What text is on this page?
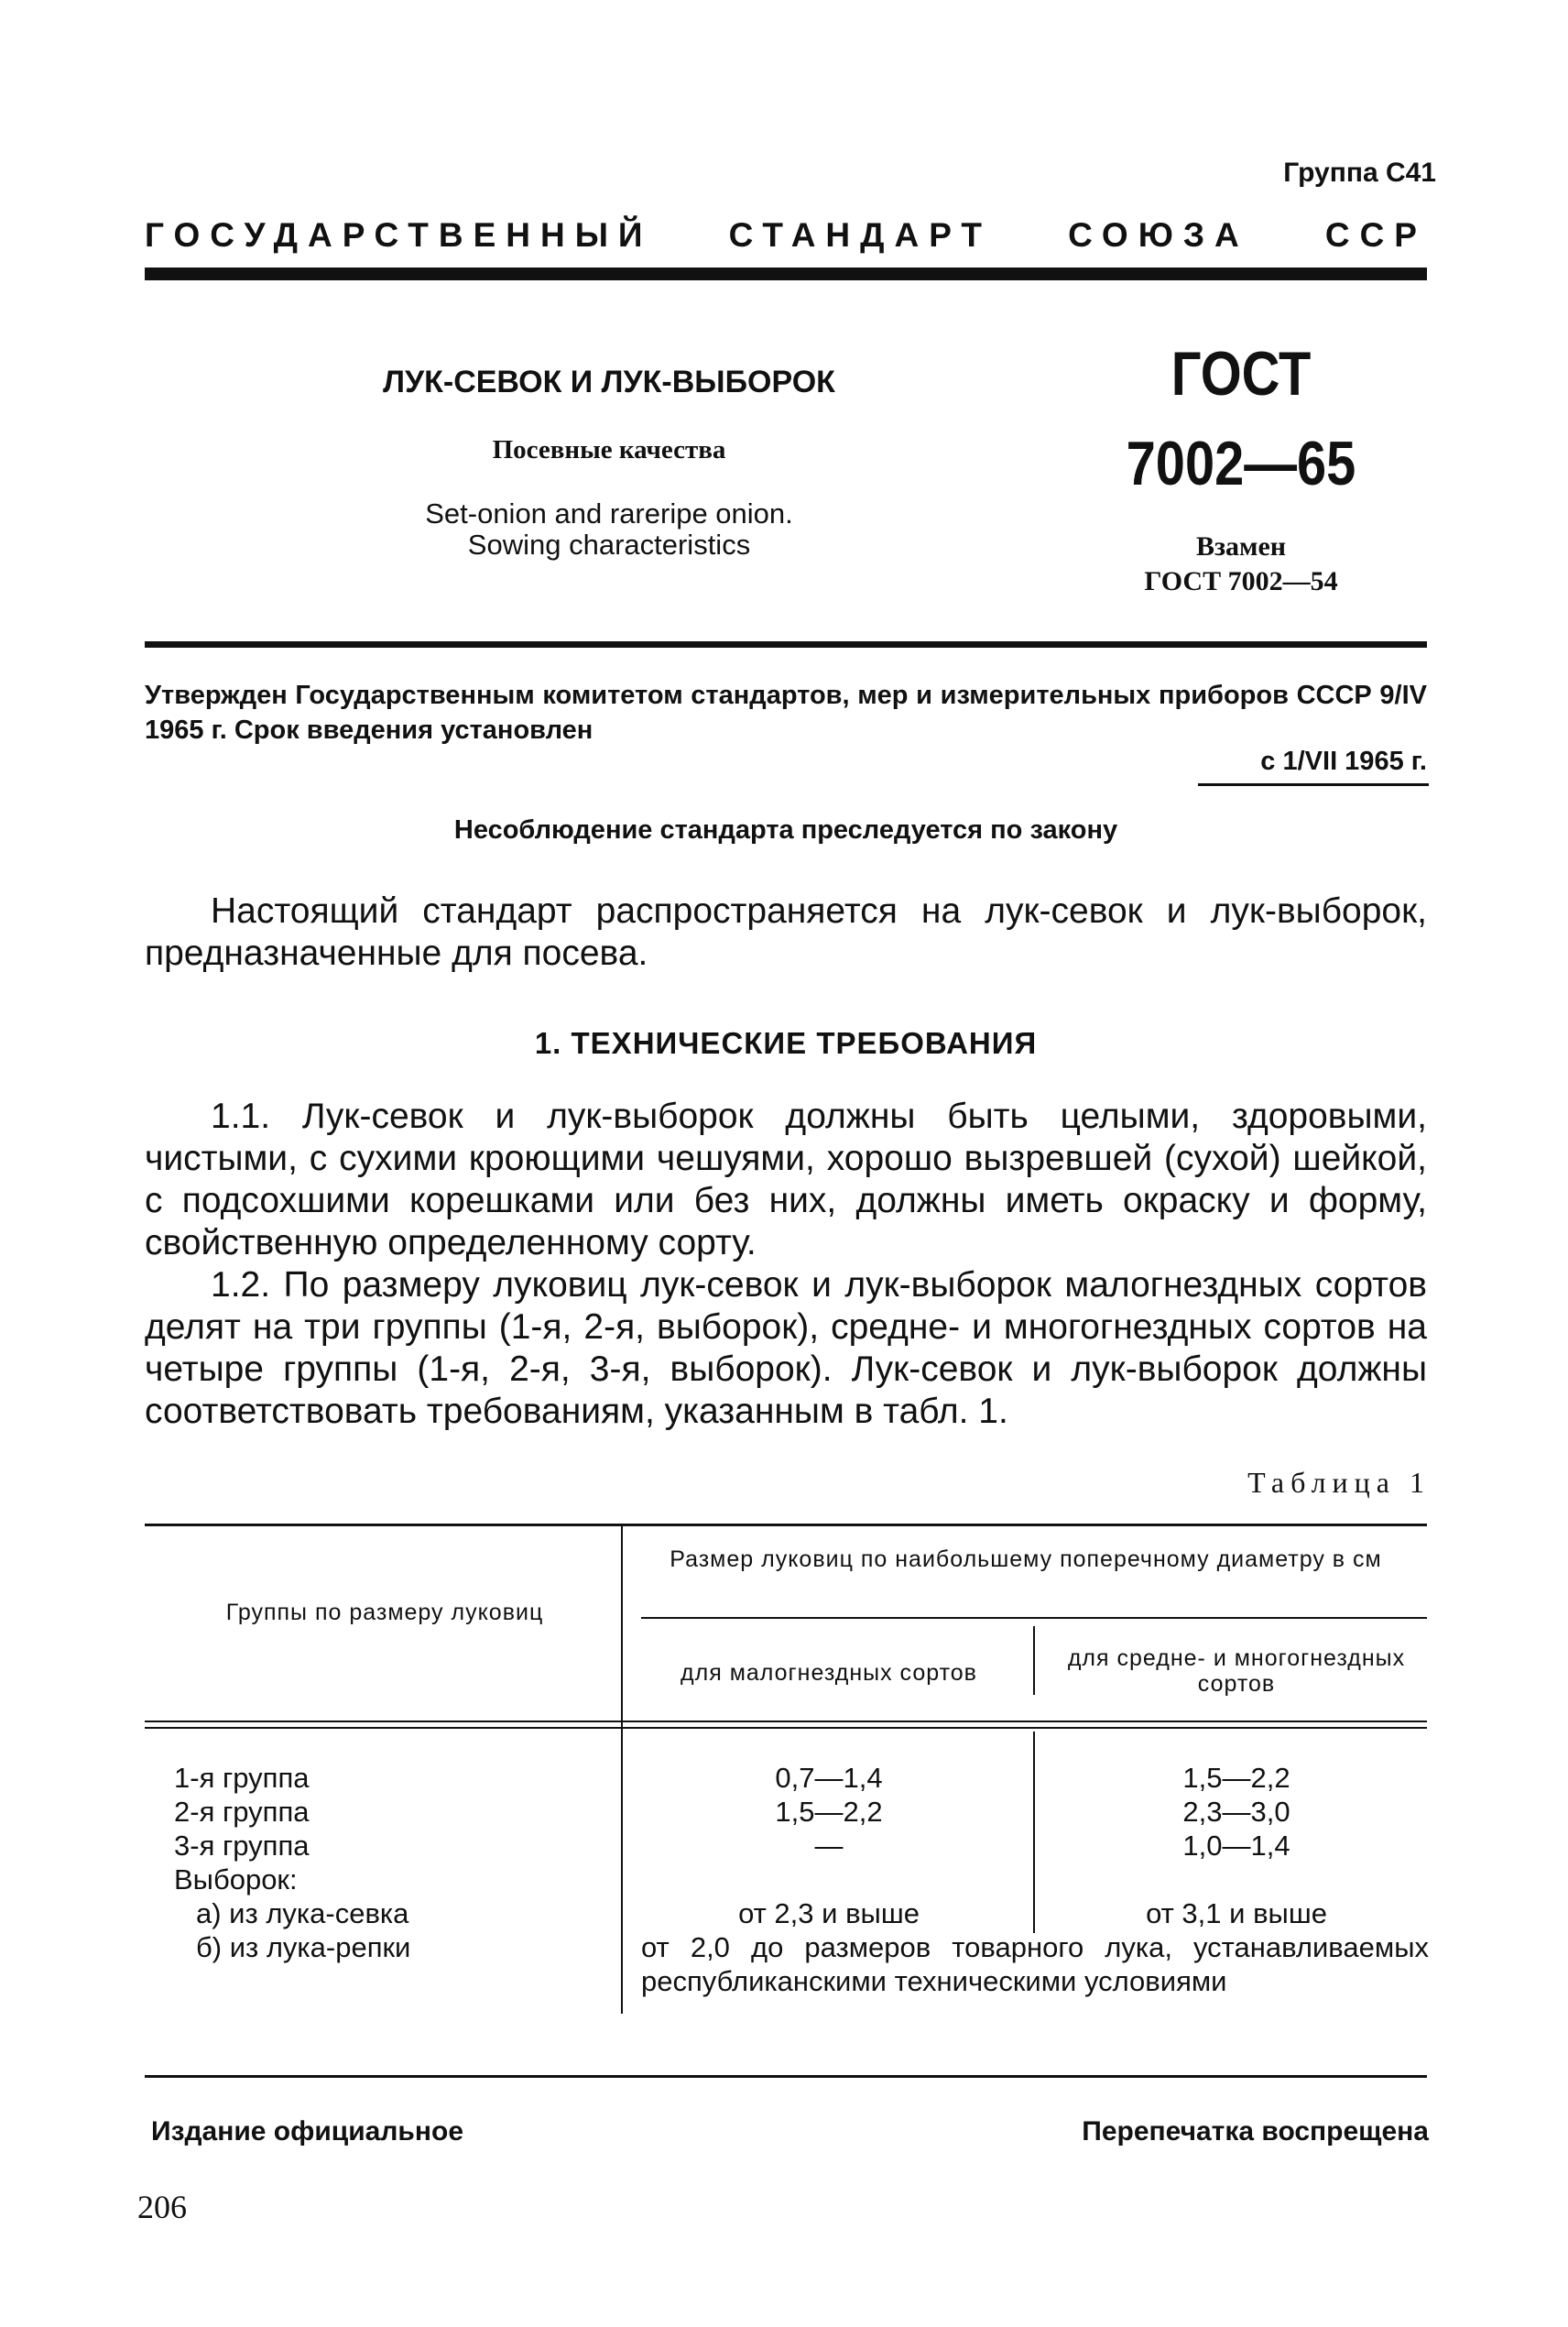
Группа С41
ГОСУДАРСТВЕННЫЙ СТАНДАРТ СОЮЗА ССР
ЛУК-СЕВОК И ЛУК-ВЫБОРОК
Посевные качества
Set-onion and rareripe onion.
Sowing characteristics
ГОСТ
7002—65
Взамен
ГОСТ 7002—54
Утвержден Государственным комитетом стандартов, мер и измерительных приборов СССР 9/IV 1965 г. Срок введения установлен
с 1/VII 1965 г.
Несоблюдение стандарта преследуется по закону

Настоящий стандарт распространяется на лук-севок и лук-выборок, предназначенные для посева.

1. ТЕХНИЧЕСКИЕ ТРЕБОВАНИЯ

1.1. Лук-севок и лук-выборок должны быть целыми, здоровыми, чистыми, с сухими кроющими чешуями, хорошо вызревшей (сухой) шейкой, с подсохшими корешками или без них, должны иметь окраску и форму, свойственную определенному сорту.

1.2. По размеру луковиц лук-севок и лук-выборок малогнездных сортов делят на три группы (1-я, 2-я, выборок), средне- и многогнездных сортов на четыре группы (1-я, 2-я, 3-я, выборок). Лук-севок и лук-выборок должны соответствовать требованиям, указанным в табл. 1.

Таблица 1
Группы по размеру луковиц
Размер луковиц по наибольшему поперечному диаметру в см
для малогнездных сортов
для средне- и многогнездных сортов
1-я группа
2-я группа
3-я группа
Выборок:
а) из лука-севка
б) из лука-репки
0,7—1,4
1,5—2,2
—

от 2,3 и выше
1,5—2,2
2,3—3,0
1,0—1,4

от 3,1 и выше
от 2,0 до размеров товарного лука, устанавливаемых республиканскими техническими условиями
Издание официальное	Перепечатка воспрещена
206
